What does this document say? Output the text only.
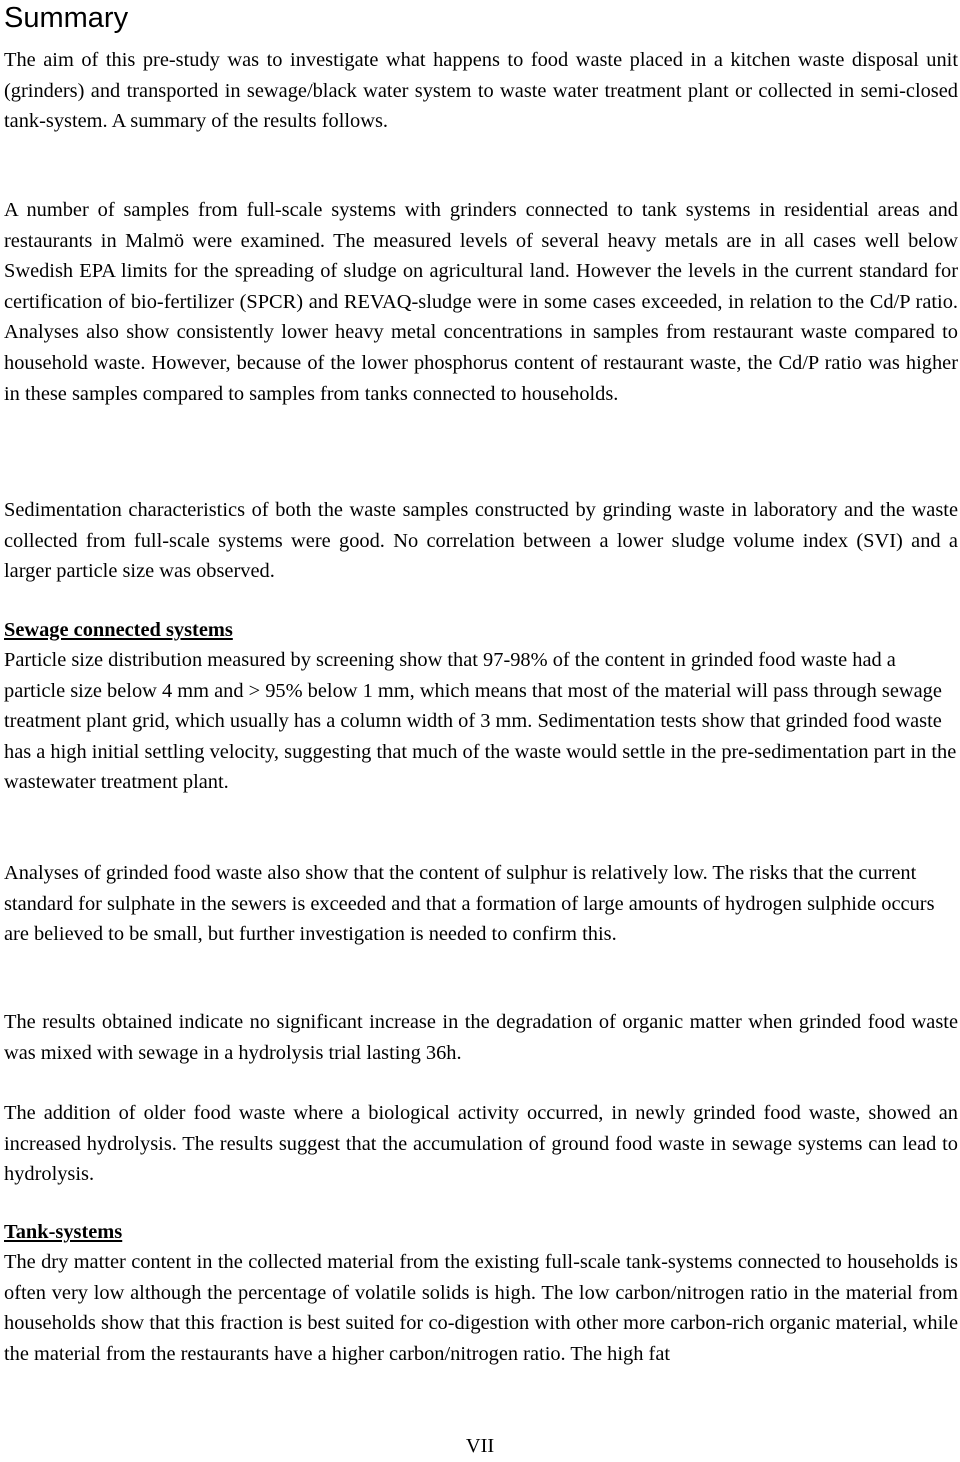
Summary

The aim of this pre-study was to investigate what happens to food waste placed in a kitchen waste disposal unit (grinders) and transported in sewage/black water system to waste water treatment plant or collected in semi-closed tank-system. A summary of the results follows.

A number of samples from full-scale systems with grinders connected to tank systems in residential areas and restaurants in Malmö were examined. The measured levels of several heavy metals are in all cases well below Swedish EPA limits for the spreading of sludge on agricultural land. However the levels in the current standard for certification of bio-fertilizer (SPCR) and REVAQ-sludge were in some cases exceeded, in relation to the Cd/P ratio. Analyses also show consistently lower heavy metal concentrations in samples from restaurant waste compared to household waste. However, because of the lower phosphorus content of restaurant waste, the Cd/P ratio was higher in these samples compared to samples from tanks connected to households.

Sedimentation characteristics of both the waste samples constructed by grinding waste in laboratory and the waste collected from full-scale systems were good. No correlation between a lower sludge volume index (SVI) and a larger particle size was observed.

Sewage connected systems

Particle size distribution measured by screening show that 97-98% of the content in grinded food waste had a particle size below 4 mm and > 95% below 1 mm, which means that most of the material will pass through sewage treatment plant grid, which usually has a column width of 3 mm. Sedimentation tests show that grinded food waste has a high initial settling velocity, suggesting that much of the waste would settle in the pre-sedimentation part in the wastewater treatment plant.

Analyses of grinded food waste also show that the content of sulphur is relatively low. The risks that the current standard for sulphate in the sewers is exceeded and that a formation of large amounts of hydrogen sulphide occurs are believed to be small, but further investigation is needed to confirm this.

The results obtained indicate no significant increase in the degradation of organic matter when grinded food waste was mixed with sewage in a hydrolysis trial lasting 36h.

The addition of older food waste where a biological activity occurred, in newly grinded food waste, showed an increased hydrolysis. The results suggest that the accumulation of ground food waste in sewage systems can lead to hydrolysis.

Tank-systems

The dry matter content in the collected material from the existing full-scale tank-systems connected to households is often very low although the percentage of volatile solids is high. The low carbon/nitrogen ratio in the material from households show that this fraction is best suited for co-digestion with other more carbon-rich organic material, while the material from the restaurants have a higher carbon/nitrogen ratio. The high fat

VII
